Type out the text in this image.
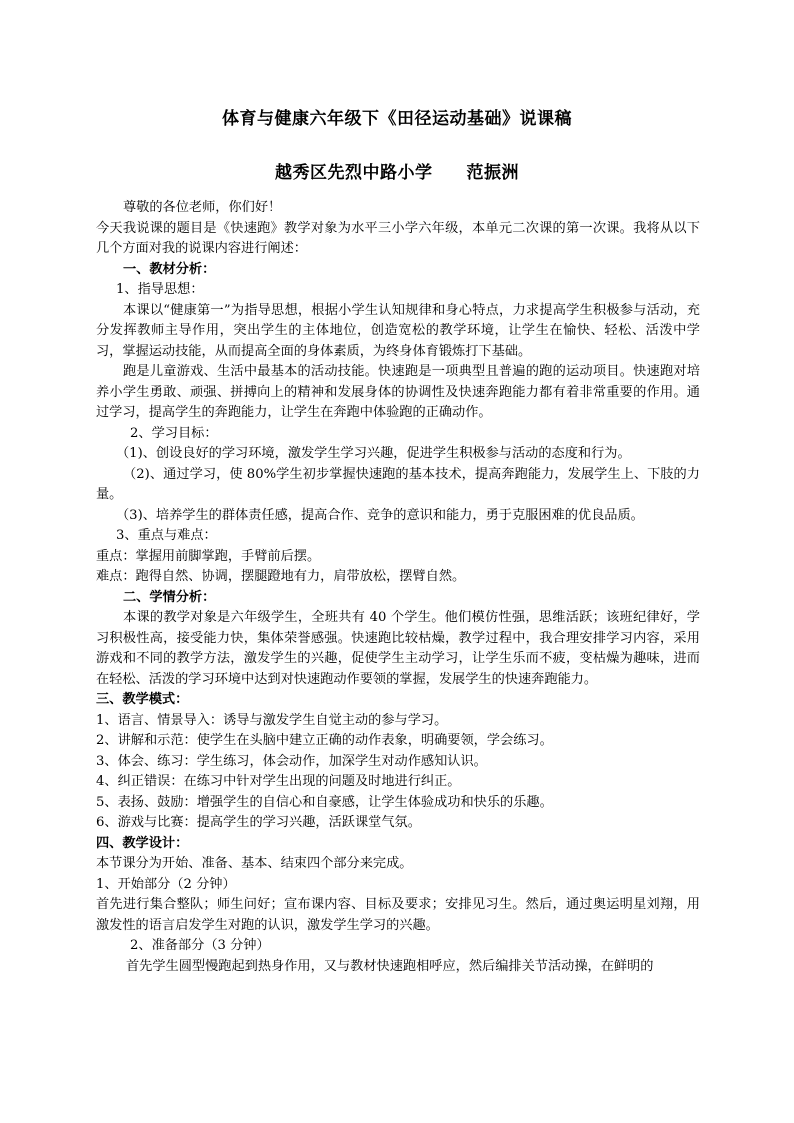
体育与健康六年级下《田径运动基础》说课稿

越秀区先烈中路小学 范振洲

尊敬的各位老师，你们好！

今天我说课的题目是《快速跑》教学对象为水平三小学六年级，本单元二次课的第一次课。我将从以下几个方面对我的说课内容进行阐述：

一、教材分析：

1、指导思想：

本课以“健康第一”为指导思想，根据小学生认知规律和身心特点，力求提高学生积极参与活动，充分发挥教师主导作用，突出学生的主体地位，创造宽松的教学环境，让学生在愉快、轻松、活泼中学习，掌握运动技能，从而提高全面的身体素质，为终身体育锻炼打下基础。

跑是儿童游戏、生活中最基本的活动技能。快速跑是一项典型且普遍的跑的运动项目。快速跑对培养小学生勇敢、顽强、拼搏向上的精神和发展身体的协调性及快速奔跑能力都有着非常重要的作用。通过学习，提高学生的奔跑能力，让学生在奔跑中体验跑的正确动作。

2、学习目标：

（1)、创设良好的学习环境，激发学生学习兴趣，促进学生积极参与活动的态度和行为。

（2)、通过学习，使 80%学生初步掌握快速跑的基本技术，提高奔跑能力，发展学生上、下肢的力量。

（3)、培养学生的群体责任感，提高合作、竞争的意识和能力，勇于克服困难的优良品质。

3、重点与难点：

重点：掌握用前脚掌跑，手臂前后摆。

难点：跑得自然、协调，摆腿蹬地有力，肩带放松，摆臂自然。

二、学情分析：

本课的教学对象是六年级学生，全班共有 40 个学生。他们模仿性强，思维活跃；该班纪律好，学习积极性高，接受能力快，集体荣誉感强。快速跑比较枯燥，教学过程中，我合理安排学习内容，采用游戏和不同的教学方法，激发学生的兴趣，促使学生主动学习，让学生乐而不疲，变枯燥为趣味，进而在轻松、活泼的学习环境中达到对快速跑动作要领的掌握，发展学生的快速奔跑能力。

三、教学模式：

1、语言、情景导入：诱导与激发学生自觉主动的参与学习。

2、讲解和示范：使学生在头脑中建立正确的动作表象，明确要领，学会练习。

3、体会、练习：学生练习，体会动作，加深学生对动作感知认识。

4、纠正错误：在练习中针对学生出现的问题及时地进行纠正。

5、表扬、鼓励：增强学生的自信心和自豪感，让学生体验成功和快乐的乐趣。

6、游戏与比赛：提高学生的学习兴趣，活跃课堂气氛。

四、教学设计：

本节课分为开始、准备、基本、结束四个部分来完成。

1、开始部分（2 分钟）

首先进行集合整队；师生问好；宣布课内容、目标及要求；安排见习生。然后，通过奥运明星刘翔，用激发性的语言启发学生对跑的认识，激发学生学习的兴趣。

2、准备部分（3 分钟）

首先学生圆型慢跑起到热身作用，又与教材快速跑相呼应，然后编排关节活动操，在鲜明的
